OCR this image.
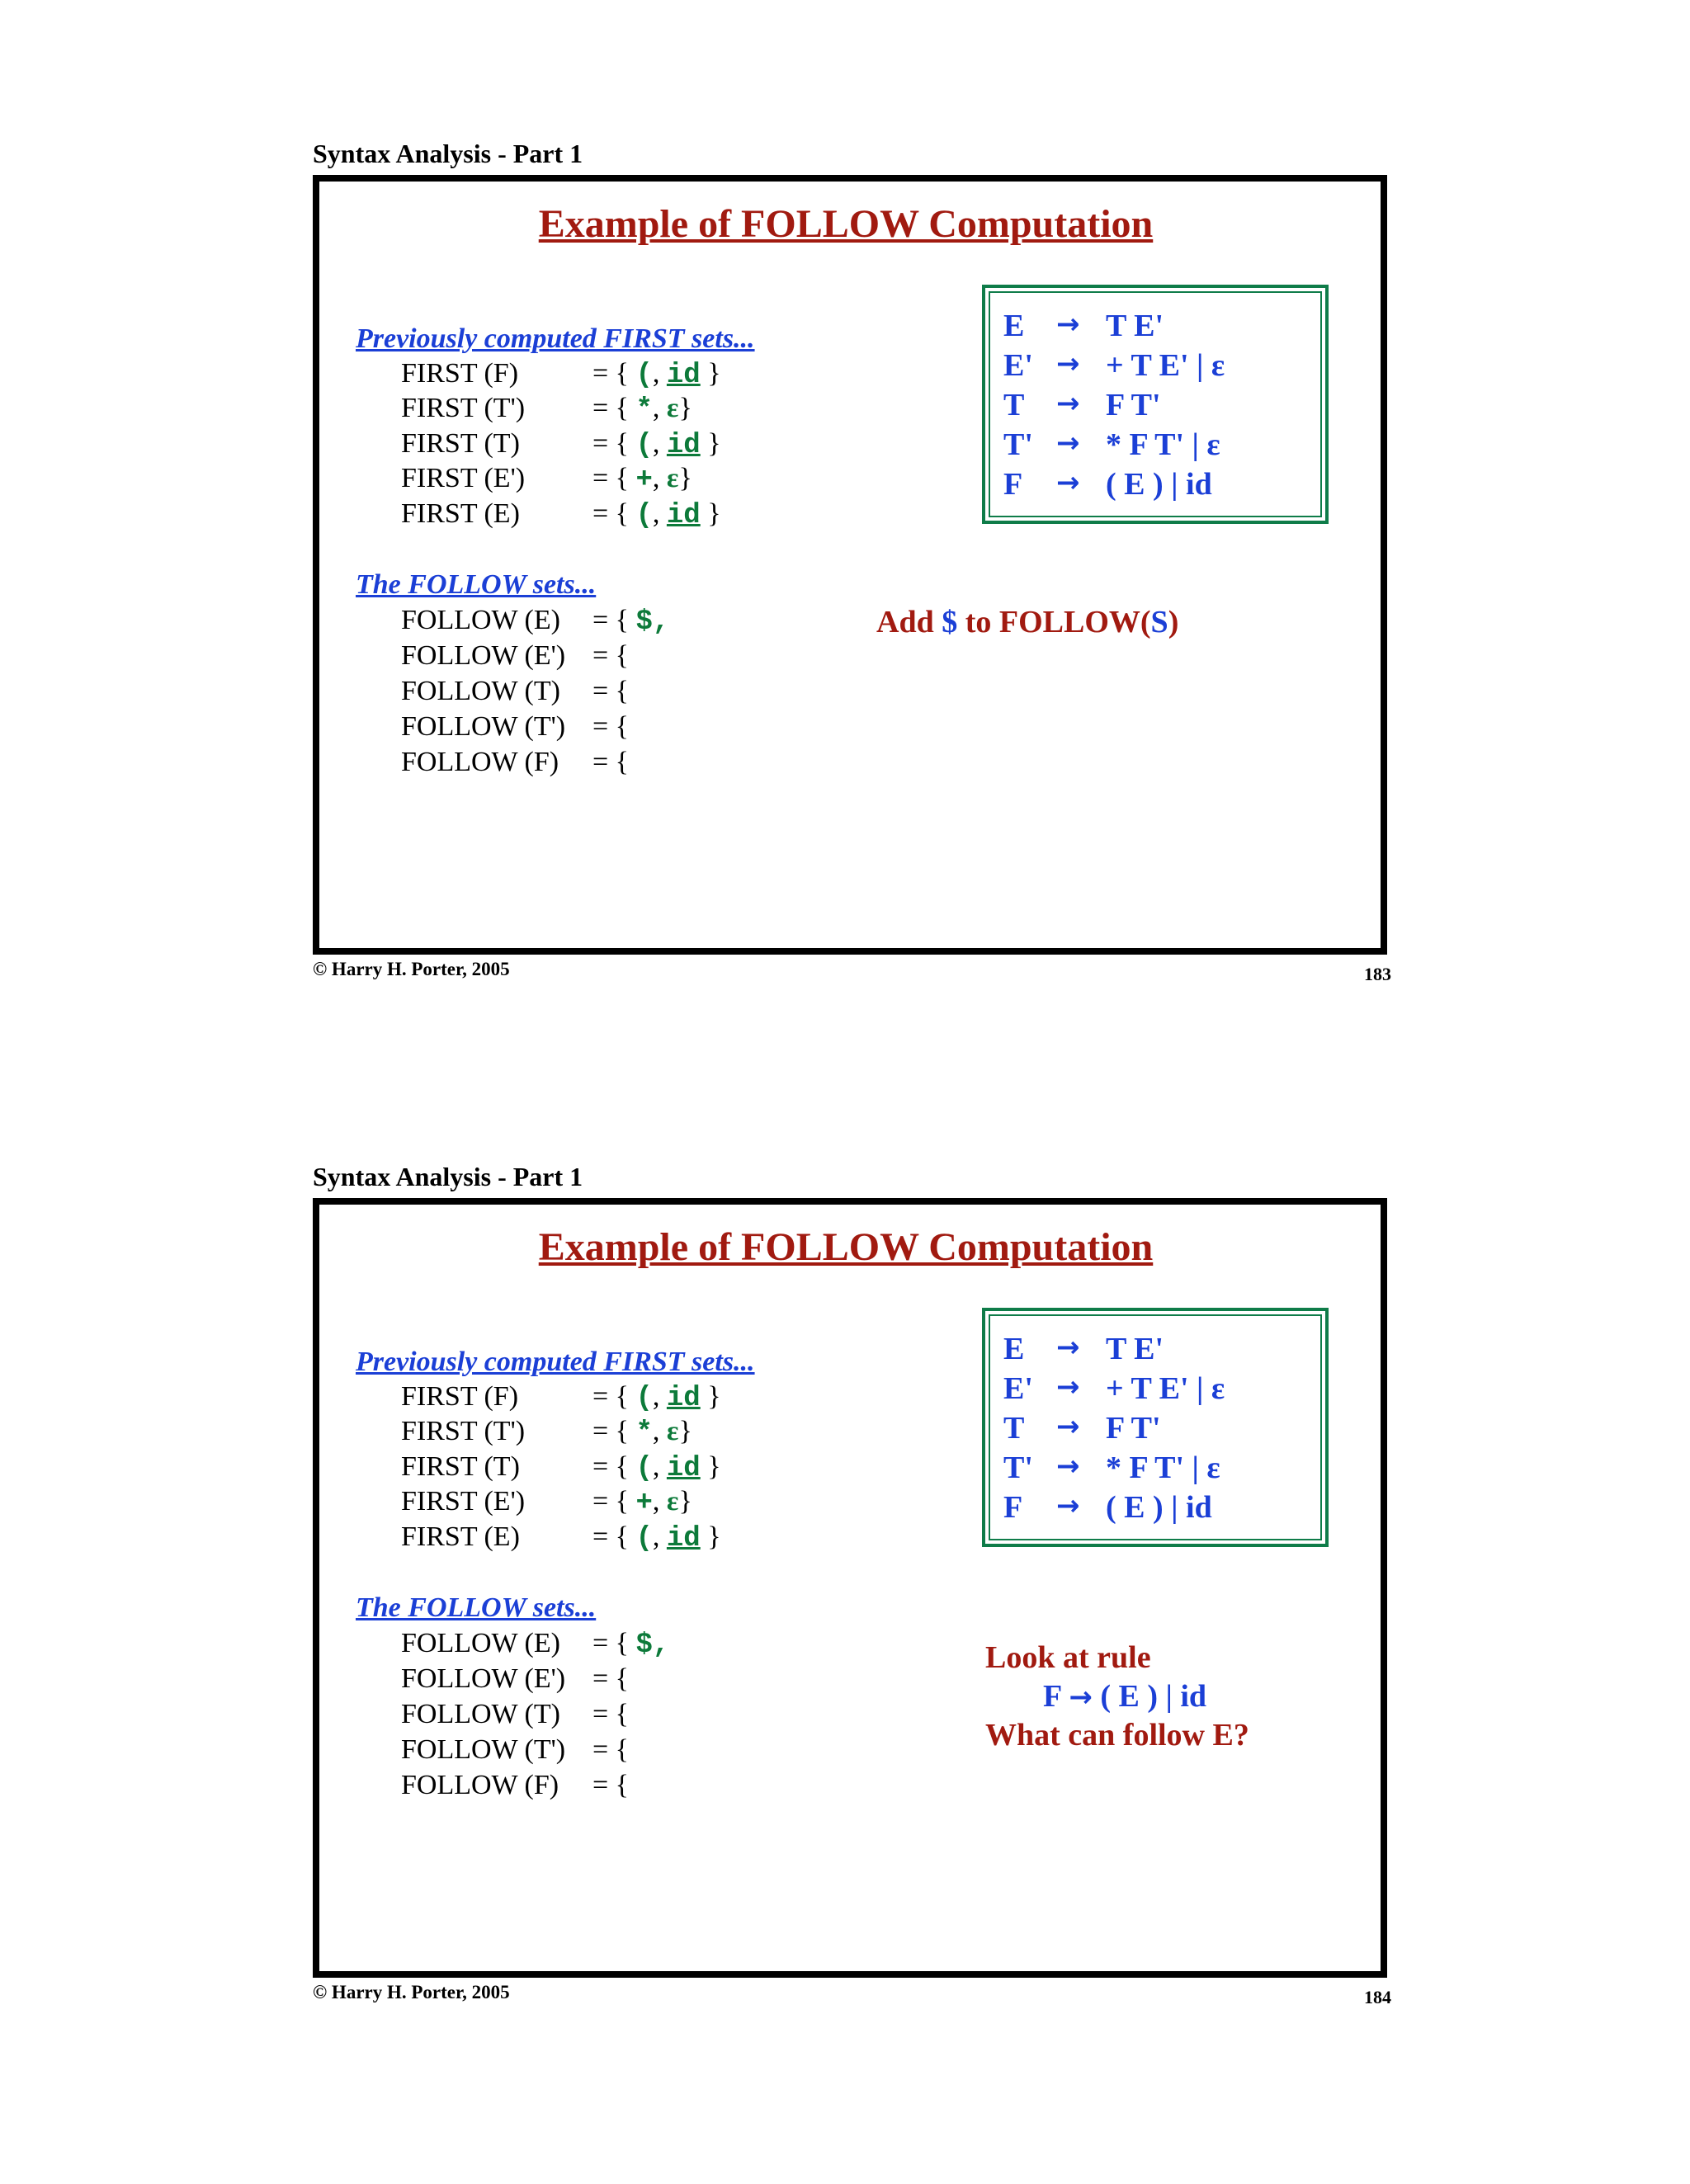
Syntax Analysis - Part 1
Example of FOLLOW Computation
Previously computed FIRST sets...
FIRST (F)	= { (, id }
FIRST (T') = { *, ε}
FIRST (T)	= { (, id }
FIRST (E') = { +, ε}
FIRST (E)	= { (, id }
The FOLLOW sets...
FOLLOW (E) = { $,
FOLLOW (E') = {
FOLLOW (T) = {
FOLLOW (T') = {
FOLLOW (F) = {
E → T E'
E' → + T E' | ε
T → F T'
T' → * F T' | ε
F → ( E ) | id
Add $ to FOLLOW(S)
© Harry H. Porter, 2005	183
Syntax Analysis - Part 1
Example of FOLLOW Computation
Previously computed FIRST sets...
FIRST (F)	= { (, id }
FIRST (T') = { *, ε}
FIRST (T)	= { (, id }
FIRST (E') = { +, ε}
FIRST (E)	= { (, id }
The FOLLOW sets...
FOLLOW (E) = { $,
FOLLOW (E') = {
FOLLOW (T) = {
FOLLOW (T') = {
FOLLOW (F) = {
E → T E'
E' → + T E' | ε
T → F T'
T' → * F T' | ε
F → ( E ) | id
Look at rule
F → ( E ) | id
What can follow E?
© Harry H. Porter, 2005	184
